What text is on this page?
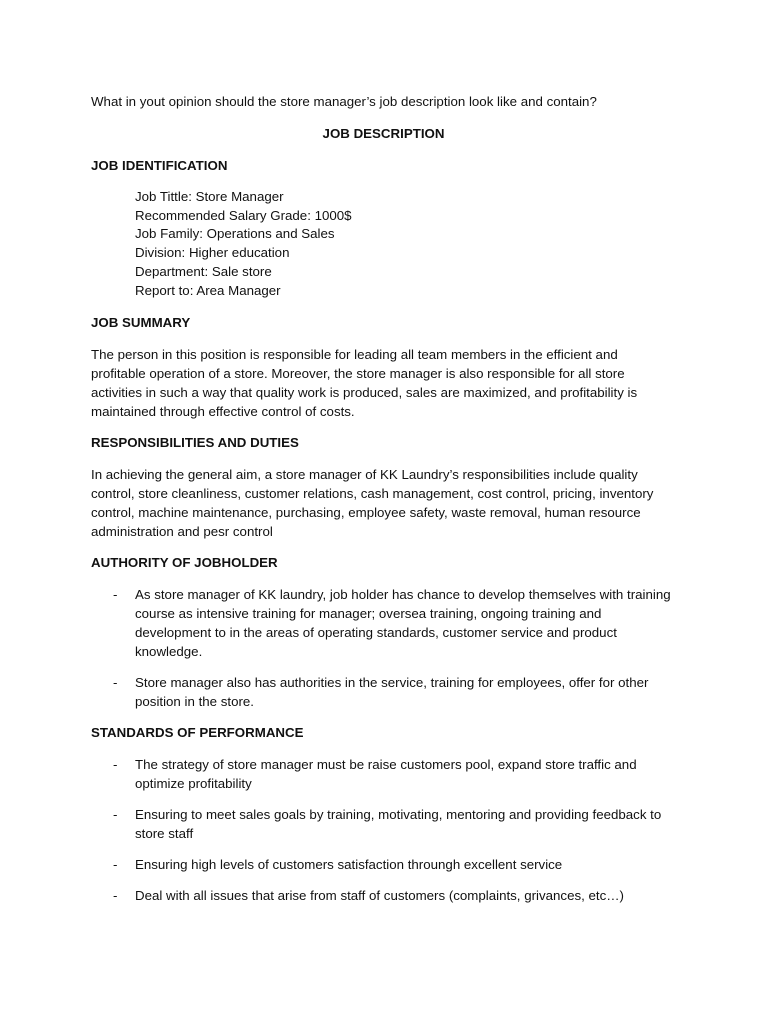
What in yout opinion should the store manager’s job description look like and contain?

JOB DESCRIPTION

JOB IDENTIFICATION

Job Tittle: Store Manager
Recommended Salary Grade: 1000$
Job Family: Operations and Sales
Division: Higher education
Department: Sale store
Report to: Area Manager

JOB SUMMARY

The person in this position is responsible for leading all team members in the efficient and profitable operation of a store. Moreover, the store manager is also responsible for all store activities in such a way that quality work is produced, sales are maximized, and profitability is maintained through effective control of costs.

RESPONSIBILITIES AND DUTIES

In achieving the general aim, a store manager of KK Laundry’s responsibilities include quality control, store cleanliness, customer relations, cash management, cost control, pricing, inventory control, machine maintenance, purchasing, employee safety, waste removal, human resource administration and pesr control

AUTHORITY OF JOBHOLDER

- As store manager of KK laundry, job holder has chance to develop themselves with training course as intensive training for manager; oversea training, ongoing training and development to in the areas of operating standards, customer service and product knowledge.
- Store manager also has authorities in the service, training for employees, offer for other position in the store.

STANDARDS OF PERFORMANCE

- The strategy of store manager must be raise customers pool, expand store traffic and optimize profitability
- Ensuring to meet sales goals by training, motivating, mentoring and providing feedback to store staff
- Ensuring high levels of customers satisfaction throungh excellent service
- Deal with all issues that arise from staff of customers (complaints, grivances, etc…)
